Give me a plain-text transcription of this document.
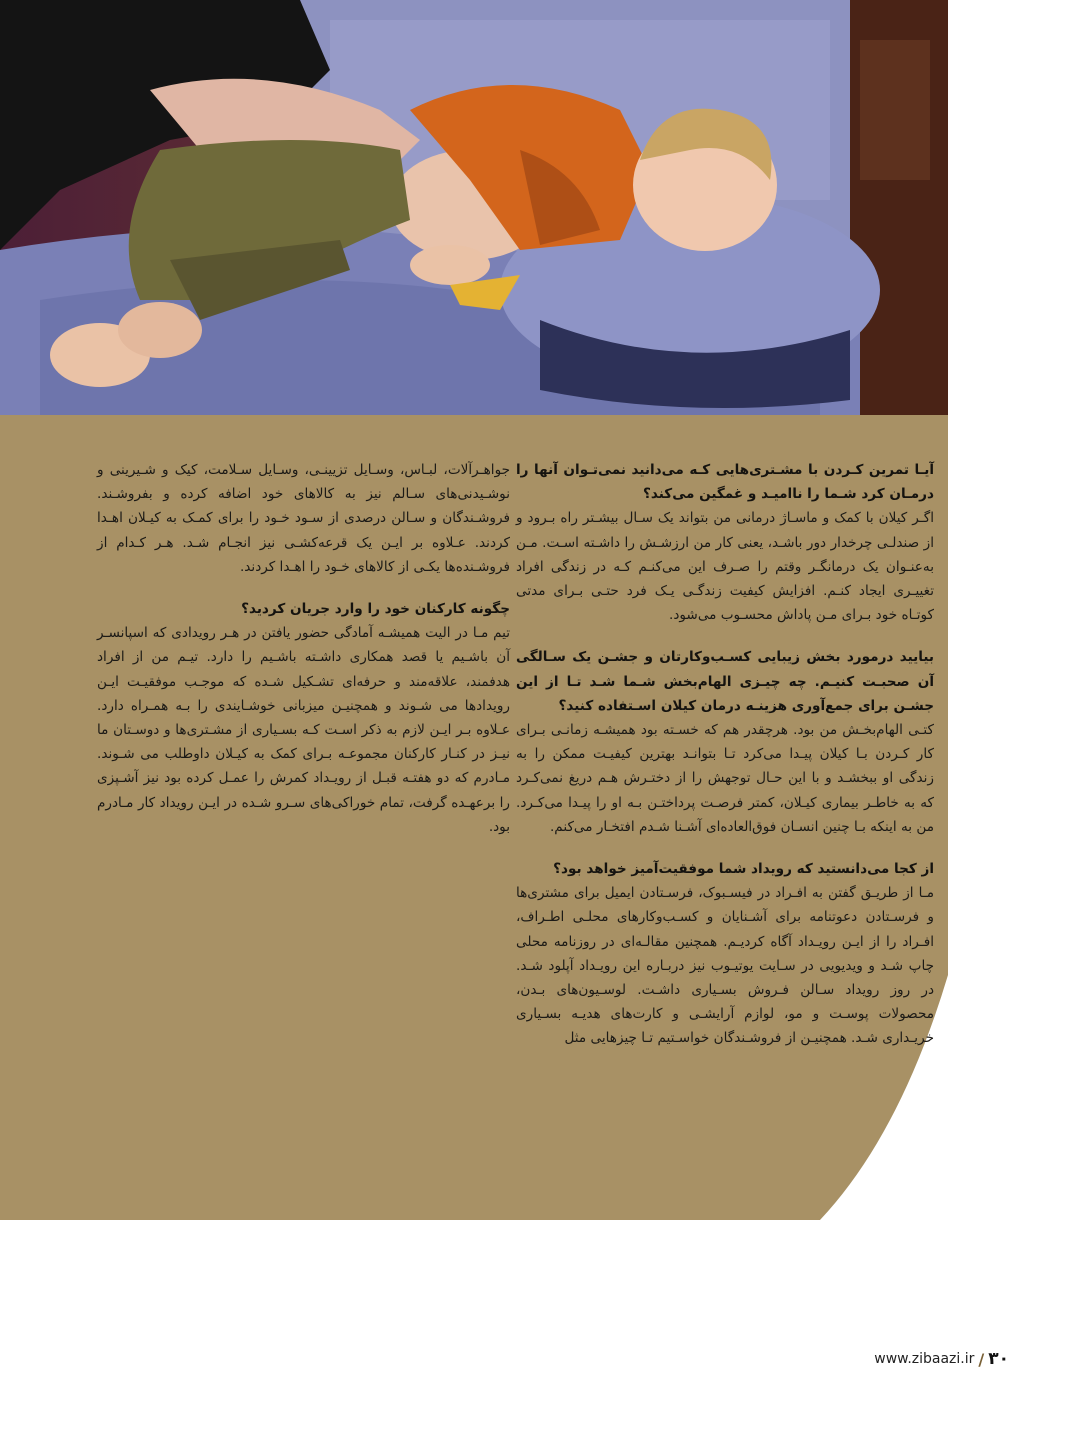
آیـا تمرین کـردن با مشـتری‌هایی کـه می‌دانید نمی‌تـوان آنها را درمـان کرد شـما را ناامیـد و غمگین می‌کند؟
اگـر کیلان با کمک و ماسـاژ درمانی من بتواند یک سـال بیشـتر راه بـرود و از صندلـی چرخدار دور باشـد، یعنی کار من ارزشـش را داشـته اسـت. مـن به‌عنـوان یک درمانگـر وقتم را صـرف این می‌کنـم کـه در زندگی افراد تغییـری ایجاد کنـم. افزایش کیفیت زندگـی یـک فرد حتـی بـرای مدتی کوتـاه خود بـرای مـن پاداش محسـوب می‌شود.

بیایید درمورد بخش زیبایی کسـب‌وکارتان و جشـن یک سـالگی آن صحبـت کنیـم. چه چیـزی الهام‌بخش شـما شـد تـا از این جشـن برای جمع‌آوری هزینـه درمان کیلان اسـتفاده کنید؟
کتـی الهام‌بخـش من بود. هرچقدر هم که خسـته بود همیشـه زمانـی بـرای کار کـردن بـا کیلان پیـدا می‌کرد تـا بتوانـد بهترین کیفیـت ممکن را به زندگی او ببخشـد و با این حـال توجهش را از دختـرش هـم دریغ نمی‌کـرد که به خاطـر بیماری کیـلان، کمتر فرصـت پرداختـن بـه او را پیـدا می‌کـرد. من به اینکه بـا چنین انسـان فوق‌العاده‌ای آشـنا شـدم افتخـار می‌کنم.

از کجا می‌دانستید که رویداد شما موفقیت‌آمیز خواهد بود؟
مـا از طریـق گفتن به افـراد در فیسـبوک، فرسـتادن ایمیل برای مشتری‌ها و فرسـتادن دعوتنامه برای آشـنایان و کسـب‌وکارهای محلـی اطـراف، افـراد را از ایـن رویـداد آگاه کردیـم. همچنین مقالـه‌ای در روزنامه محلی چاپ شـد و ویدیویی در سـایت یوتیـوب نیز دربـاره این رویـداد آپلود شـد. در روز رویداد سـالن فـروش بسـیاری داشـت. لوسـیون‌های بـدن، محصولات پوسـت و مو، لوازم آرایشـی و کارت‌های هدیـه بسـیاری خریـداری شـد. همچنیـن از فروشـندگان خواسـتیم تـا چیزهایی مثل

جواهـرآلات، لبـاس، وسـایل تزیینـی، وسـایل سـلامت، کیک و شـیرینی و نوشـیدنی‌های سـالم نیز به کالاهای خود اضافه کرده و بفروشـند. فروشـندگان و سـالن درصدی از سـود خـود را برای کمـک به کیـلان اهـدا کردند. عـلاوه بر ایـن یک قرعه‌کشـی نیز انجـام شـد. هـر کـدام از فروشـنده‌ها یکـی از کالاهای خـود را اهـدا کردند.

چگونه کارکنان خود را وارد جریان کردید؟
تیم مـا در الیت همیشـه آمادگی حضور یافتن در هـر رویدادی که اسپانسـر آن باشـیم یا قصد همکاری داشـته باشـیم را دارد. تیـم من از افراد هدفمند، علاقه‌مند و حرفه‌ای تشـکیل شـده که موجـب موفقیـت ایـن رویدادها می شـوند و همچنیـن میزبانی خوشـایندی را بـه همـراه دارد. عـلاوه بـر ایـن لازم به ذکر اسـت کـه بسـیاری از مشـتری‌ها و دوسـتان ما نیـز در کنـار کارکنان مجموعـه بـرای کمک به کیـلان داوطلب می شـوند. مـادرم که دو هفتـه قبـل از رویـداد کمرش را عمـل کرده بود نیز آشـپزی را برعهـده گرفت، تمام خوراکی‌های سـرو شـده در ایـن رویداد کار مـادرم بود.

www.zibaazi.ir / ۳۰
